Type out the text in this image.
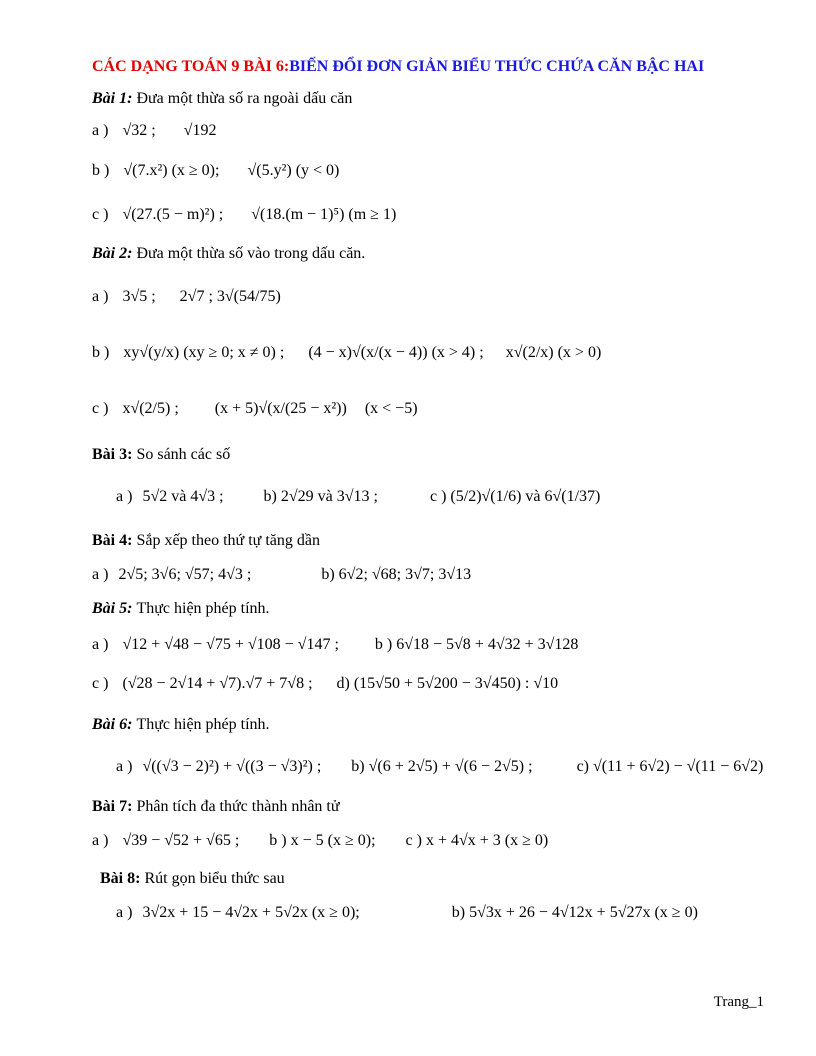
CÁC DẠNG TOÁN 9 BÀI 6: BIẾN ĐỔI ĐƠN GIẢN BIỂU THỨC CHỨA CĂN BẬC HAI
Bài 1:
Đưa một thừa số ra ngoài dấu căn
a ) √32 ; √192
b ) √(7.x²) (x ≥ 0); √(5.y²) (y < 0)
c ) √(27.(5 − m)²) ; √(18.(m − 1)⁵) (m ≥ 1)
Bài 2:
Đưa một thừa số vào trong dấu căn.
a ) 3√5 ; 2√7 ; 3√(54/75)
b ) xy√(y/x) (xy ≥ 0; x ≠ 0) ; (4 − x)√(x/(x − 4)) (x > 4) ; x√(2/x) (x > 0)
c ) x√(2/5) ; (x + 5)√(x/(25 − x²)) (x < −5)
Bài 3:
So sánh các số
a ) 5√2 và 4√3 ;	b) 2√29 và 3√13 ;	c ) (5/2)√(1/6) và 6√(1/37)
Bài 4:
Sắp xếp theo thứ tự tăng dần
a ) 2√5; 3√6; √57; 4√3 ;	b) 6√2; √68; 3√7; 3√13
Bài 5:
Thực hiện phép tính.
a ) √12 + √48 − √75 + √108 − √147 ; b ) 6√18 − 5√8 + 4√32 + 3√128
c ) (√28 − 2√14 + √7).√7 + 7√8 ; d) (15√50 + 5√200 − 3√450) : √10
Bài 6:
Thực hiện phép tính.
a ) √((√3 − 2)²) + √((3 − √3)²) ; b) √(6 + 2√5) + √(6 − 2√5) ;	c) √(11 + 6√2) − √(11 − 6√2)
Bài 7:
Phân tích đa thức thành nhân tử
a ) √39 − √52 + √65 ; b ) x − 5 (x ≥ 0); c ) x + 4√x + 3 (x ≥ 0)
Bài 8:
Rút gọn biểu thức sau
a ) 3√2x + 15 − 4√2x + 5√2x (x ≥ 0);	b) 5√3x + 26 − 4√12x + 5√27x (x ≥ 0)
Trang_1
